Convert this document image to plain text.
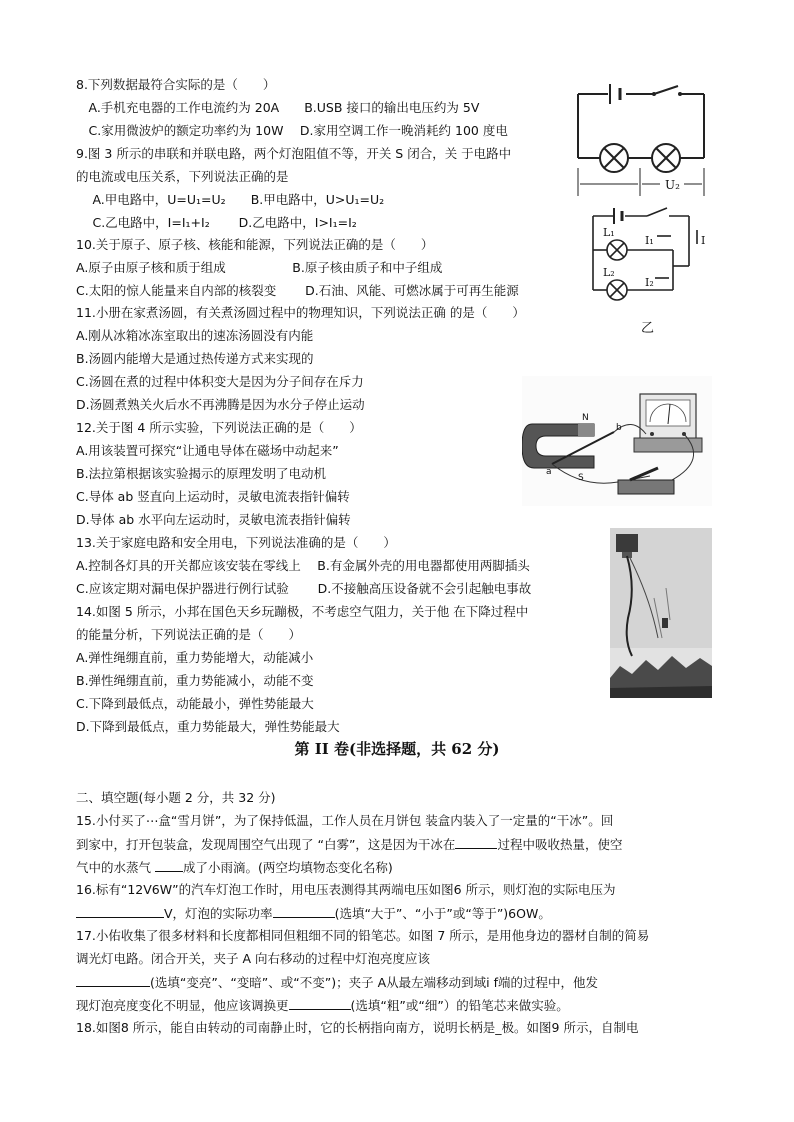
8.下列数据最符合实际的是（　　）
　A.手机充电器的工作电流约为 20A　　B.USB 接口的输出电压约为 5V
　C.家用微波炉的额定功率约为 10W　 D.家用空调工作一晚消耗约 100 度电
9.图 3 所示的串联和并联电路，两个灯泡阻值不等，开关 S 闭合，关 于电路中
的电流或电压关系，下列说法正确的是
　 A.甲电路中，U=U₁=U₂　　B.甲电路中，U>U₁=U₂
　 C.乙电路中，I=I₁+I₂　　 D.乙电路中，I>I₁=I₂
10.关于原子、原子核、核能和能源，下列说法正确的是（　　）
A.原子由原子核和质于组成　　　　　 B.原子核由质子和中子组成
C.太阳的惊人能量来自内部的核裂变　　 D.石油、风能、可燃冰属于可再生能源
11.小册在家煮汤圆，有关煮汤圆过程中的物理知识，下列说法正确 的是（　　）
A.刚从冰箱冰冻室取出的速冻汤圆没有内能
B.汤圆内能增大是通过热传递方式来实现的
C.汤圆在煮的过程中体积变大是因为分子间存在斥力
D.汤圆煮熟关火后水不再沸腾是因为水分子停止运动
12.关于图 4 所示实验，下列说法正确的是（　　）
A.用该装置可探究“让通电导体在磁场中动起来”
B.法拉第根据该实验揭示的原理发明了电动机
C.导体 ab 竖直向上运动时，灵敏电流表指针偏转
D.导体 ab 水平向左运动时，灵敏电流表指针偏转
13.关于家庭电路和安全用电，下列说法准确的是（　　）
A.控制各灯具的开关都应该安装在零线上　 B.有金属外壳的用电器都使用两脚插头
C.应该定期对漏电保护器进行例行试验　　 D.不接触高压设备就不会引起触电事故
14.如图 5 所示，小邦在国色天乡玩蹦极，不考虑空气阻力，关于他 在下降过程中
的能量分析，下列说法正确的是（　　）
A.弹性绳绷直前，重力势能增大，动能减小
B.弹性绳绷直前，重力势能减小，动能不变
C.下降到最低点，动能最小，弹性势能最大
D.下降到最低点，重力势能最大，弹性势能最大
第 II 卷(非选择题，共 62 分)
二、填空题(每小题 2 分，共 32 分)
15.小付买了⋯盒“雪月饼”，为了保持低温，工作人员在月饼包 装盒内装入了一定量的“干冰”。回
到家中，打开包装盒，发现周围空气出现了 “白雾”，这是因为干冰在	过程中吸收热量，使空
气中的水蒸气 成了小雨滴。(两空均填物态变化名称)
16.标有“12V6W”的汽车灯泡工作时，用电压表测得其两端电压如图6 所示，则灯泡的实际电压为
V，灯泡的实际功率	(选填“大于”、“小于”或“等于”)6OW。
17.小佑收集了很多材料和长度都相同但粗细不同的铅笔芯。如图 7 所示，是用他身边的器材自制的简易
调光灯电路。闭合开关，夹子 A 向右移动的过程中灯泡亮度应该
(选填“变亮”、“变暗”、或“不变”)；夹子 A从最左端移动到域ⅰ f端的过程中，他发
现灯泡亮度变化不明显，他应该调换更	(选填“粗”或“细”）的铅笔芯来做实验。
18.如图8 所示，能自由转动的司南静止时，它的长柄指向南方，说明长柄是_极。如图9 所示，自制电
U₂
L₁
I₁
L₂
I₂
I
乙
N
S
a
b
